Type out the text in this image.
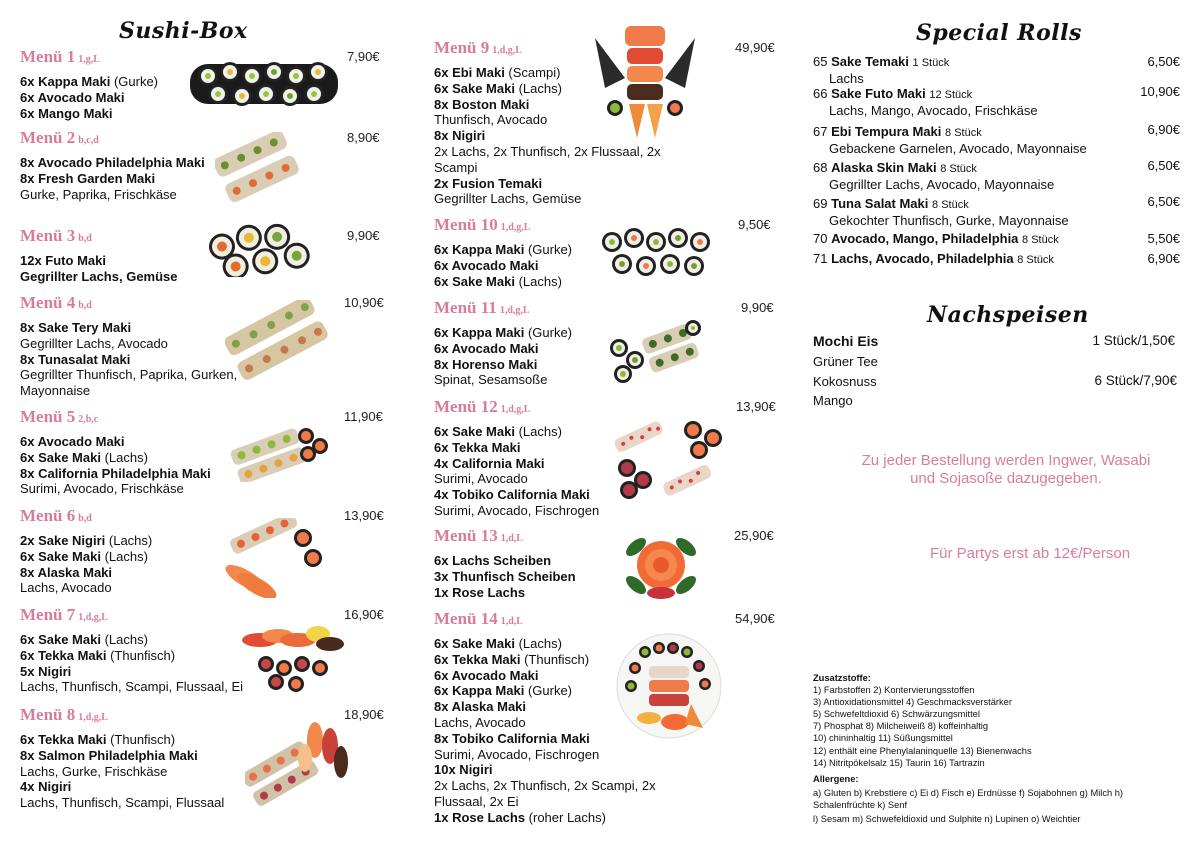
Sushi-Box
Menü 1 1,g,L
6x Kappa Maki (Gurke)
6x Avocado Maki
6x Mango Maki
7,90€
Menü 2 b,c,d
8x Avocado Philadelphia Maki
8x Fresh Garden Maki
Gurke, Paprika, Frischkäse
8,90€
Menü 3 b,d
12x Futo Maki
Gegrillter Lachs, Gemüse
9,90€
Menü 4 b,d
8x Sake Tery Maki
Gegrillter Lachs, Avocado
8x Tunasalat Maki
Gegrillter Thunfisch, Paprika, Gurken,
Mayonnaise
10,90€
Menü 5 2,b,c
6x Avocado Maki
6x Sake Maki (Lachs)
8x California Philadelphia Maki
Surimi, Avocado, Frischkäse
11,90€
Menü 6 b,d
2x Sake Nigiri (Lachs)
6x Sake Maki (Lachs)
8x Alaska Maki
Lachs, Avocado
13,90€
Menü 7 1,d,g,L
6x Sake Maki (Lachs)
6x Tekka Maki (Thunfisch)
5x Nigiri
Lachs, Thunfisch, Scampi, Flussaal, Ei
16,90€
Menü 8 1,d,g,L
6x Tekka Maki (Thunfisch)
8x Salmon Philadelphia Maki
Lachs, Gurke, Frischkäse
4x Nigiri
Lachs, Thunfisch, Scampi, Flussaal
18,90€
Menü 9 1,d,g,L
6x Ebi Maki (Scampi)
6x Sake Maki (Lachs)
8x Boston Maki
Thunfisch, Avocado
8x Nigiri
2x Lachs, 2x Thunfisch, 2x Flussaal, 2x
Scampi
2x Fusion Temaki
Gegrillter Lachs, Gemüse
49,90€
Menü 10 1,d,g,L
6x Kappa Maki (Gurke)
6x Avocado Maki
6x Sake Maki (Lachs)
9,50€
Menü 11 1,d,g,L
6x Kappa Maki (Gurke)
6x Avocado Maki
8x Horenso Maki
Spinat, Sesamsoße
9,90€
Menü 12 1,d,g,L
6x Sake Maki (Lachs)
6x Tekka Maki
4x California Maki
Surimi, Avocado
4x Tobiko California Maki
Surimi, Avocado, Fischrogen
13,90€
Menü 13 1,d,L
6x Lachs Scheiben
3x Thunfisch Scheiben
1x Rose Lachs
25,90€
Menü 14 1,d,L
6x Sake Maki (Lachs)
6x Tekka Maki (Thunfisch)
6x Avocado Maki
6x Kappa Maki (Gurke)
8x Alaska Maki
Lachs, Avocado
8x Tobiko California Maki
Surimi, Avocado, Fischrogen
10x Nigiri
2x Lachs, 2x Thunfisch, 2x Scampi, 2x
Flussaal, 2x Ei
1x Rose Lachs (roher Lachs)
54,90€
Special Rolls
65 Sake Temaki 1 Stück
Lachs
6,50€
66 Sake Futo Maki 12 Stück
Lachs, Mango, Avocado, Frischkäse
10,90€
67 Ebi Tempura Maki 8 Stück
Gebackene Garnelen, Avocado, Mayonnaise
6,90€
68 Alaska Skin Maki 8 Stück
Gegrillter Lachs, Avocado, Mayonnaise
6,50€
69 Tuna Salat Maki 8 Stück
Gekochter Thunfisch, Gurke, Mayonnaise
6,50€
70 Avocado, Mango, Philadelphia 8 Stück	5,50€
71 Lachs, Avocado, Philadelphia 8 Stück	6,90€
Nachspeisen
Mochi Eis	1 Stück/1,50€
Grüner Tee
Kokosnuss	6 Stück/7,90€
Mango
Zu jeder Bestellung werden Ingwer, Wasabi und Sojasoße dazugegeben.
Für Partys erst ab 12€/Person
Zusatzstoffe:
1) Farbstoffen 2) Kontervierungsstoffen
3) Antioxidationsmittel 4) Geschmacksverstärker
5) Schwefeltdioxid 6) Schwärzungsmittel
7) Phosphat 8) Milcheiweiß 8) koffeinhaltig
10) chininhaltig 11) Süßungsmittel
12) enthält eine Phenylalaninquelle 13) Bienenwachs
14) Nitritpökelsalz 15) Taurin 16) Tartrazin
Allergene:
a) Gluten b) Krebstiere c) Ei d) Fisch e) Erdnüsse f) Sojabohnen g) Milch h)
Schalenfrüchte k) Senf
l) Sesam m) Schwefeldioxid und Sulphite n) Lupinen o) Weichtier
